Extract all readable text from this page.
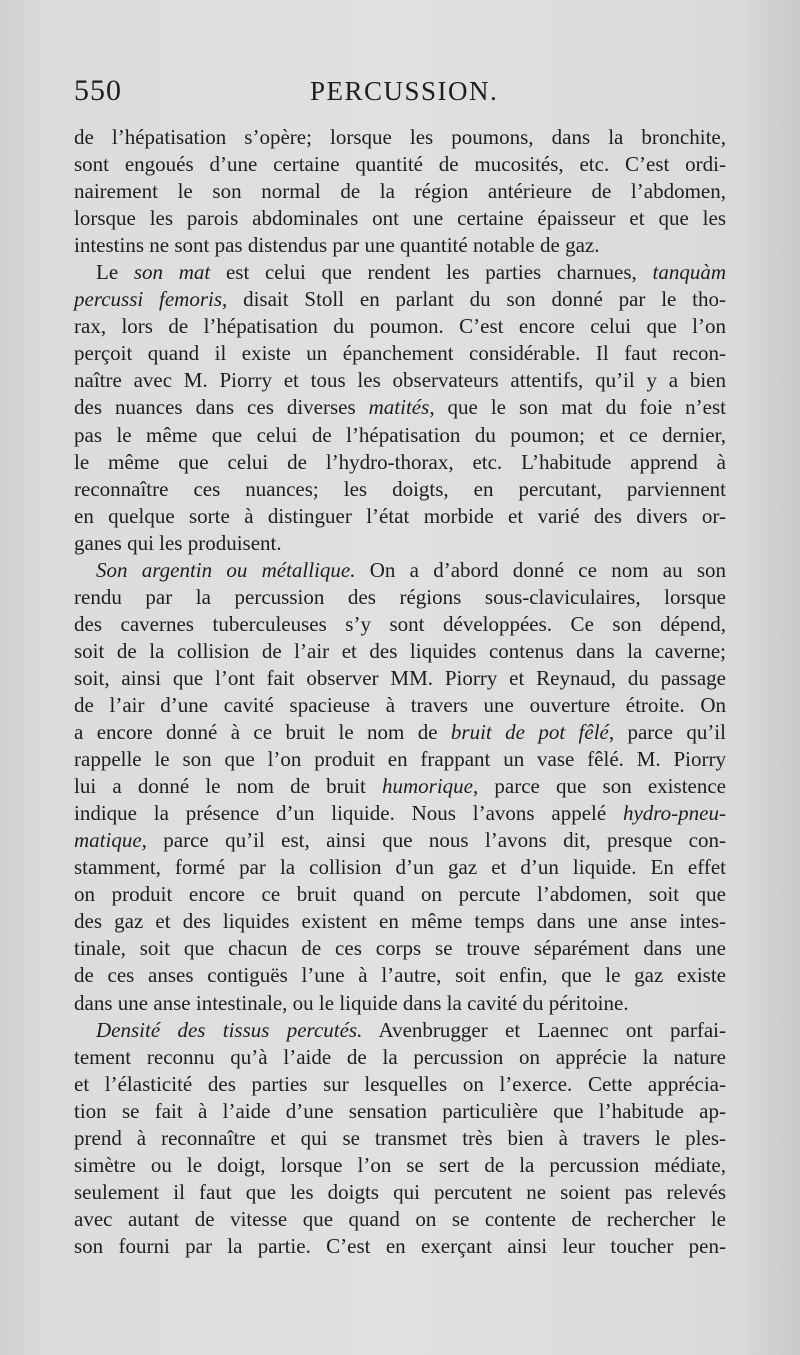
550	PERCUSSION.
de l’hépatisation s’opère; lorsque les poumons, dans la bronchite,
sont engoués d’une certaine quantité de mucosités, etc. C’est ordi-
nairement le son normal de la région antérieure de l’abdomen,
lorsque les parois abdominales ont une certaine épaisseur et que les
intestins ne sont pas distendus par une quantité notable de gaz.
Le son mat est celui que rendent les parties charnues, tanquàm
percussi femoris, disait Stoll en parlant du son donné par le tho-
rax, lors de l’hépatisation du poumon. C’est encore celui que l’on
perçoit quand il existe un épanchement considérable. Il faut recon-
naître avec M. Piorry et tous les observateurs attentifs, qu’il y a bien
des nuances dans ces diverses matités, que le son mat du foie n’est
pas le même que celui de l’hépatisation du poumon; et ce dernier,
le même que celui de l’hydro-thorax, etc. L’habitude apprend à
reconnaître ces nuances; les doigts, en percutant, parviennent
en quelque sorte à distinguer l’état morbide et varié des divers or-
ganes qui les produisent.
Son argentin ou métallique. On a d’abord donné ce nom au son
rendu par la percussion des régions sous-claviculaires, lorsque
des cavernes tuberculeuses s’y sont développées. Ce son dépend,
soit de la collision de l’air et des liquides contenus dans la caverne;
soit, ainsi que l’ont fait observer MM. Piorry et Reynaud, du passage
de l’air d’une cavité spacieuse à travers une ouverture étroite. On
a encore donné à ce bruit le nom de bruit de pot fêlé, parce qu’il
rappelle le son que l’on produit en frappant un vase fêlé. M. Piorry
lui a donné le nom de bruit humorique, parce que son existence
indique la présence d’un liquide. Nous l’avons appelé hydro-pneu-
matique, parce qu’il est, ainsi que nous l’avons dit, presque con-
stamment, formé par la collision d’un gaz et d’un liquide. En effet
on produit encore ce bruit quand on percute l’abdomen, soit que
des gaz et des liquides existent en même temps dans une anse intes-
tinale, soit que chacun de ces corps se trouve séparément dans une
de ces anses contiguës l’une à l’autre, soit enfin, que le gaz existe
dans une anse intestinale, ou le liquide dans la cavité du péritoine.
Densité des tissus percutés. Avenbrugger et Laennec ont parfai-
tement reconnu qu’à l’aide de la percussion on apprécie la nature
et l’élasticité des parties sur lesquelles on l’exerce. Cette apprécia-
tion se fait à l’aide d’une sensation particulière que l’habitude ap-
prend à reconnaître et qui se transmet très bien à travers le ples-
simètre ou le doigt, lorsque l’on se sert de la percussion médiate,
seulement il faut que les doigts qui percutent ne soient pas relevés
avec autant de vitesse que quand on se contente de rechercher le
son fourni par la partie. C’est en exerçant ainsi leur toucher pen-
